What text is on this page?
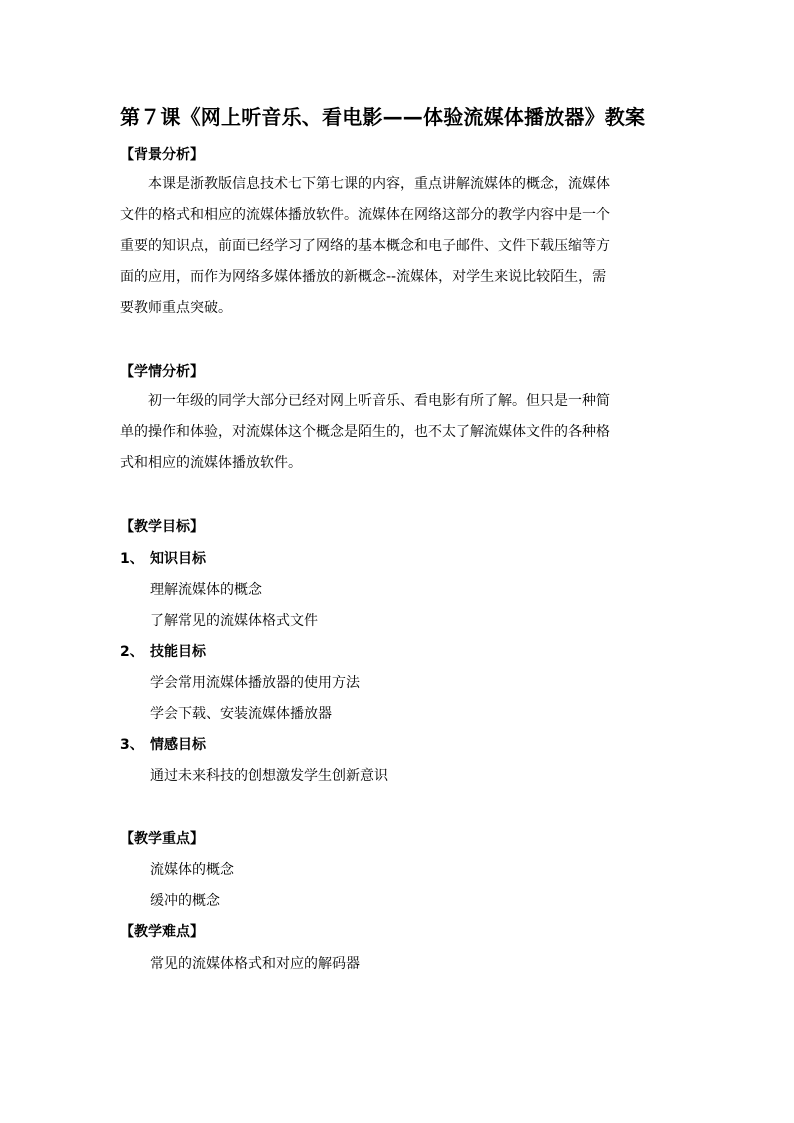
第７课《网上听音乐、看电影——体验流媒体播放器》教案
【背景分析】
本课是浙教版信息技术七下第七课的内容，重点讲解流媒体的概念，流媒体
文件的格式和相应的流媒体播放软件。流媒体在网络这部分的教学内容中是一个
重要的知识点，前面已经学习了网络的基本概念和电子邮件、文件下载压缩等方
面的应用，而作为网络多媒体播放的新概念--流媒体，对学生来说比较陌生，需
要教师重点突破。
【学情分析】
初一年级的同学大部分已经对网上听音乐、看电影有所了解。但只是一种简
单的操作和体验，对流媒体这个概念是陌生的，也不太了解流媒体文件的各种格
式和相应的流媒体播放软件。
【教学目标】
1、 知识目标
理解流媒体的概念
了解常见的流媒体格式文件
2、 技能目标
学会常用流媒体播放器的使用方法
学会下载、安装流媒体播放器
3、 情感目标
通过未来科技的创想激发学生创新意识
【教学重点】
流媒体的概念
缓冲的概念
【教学难点】
常见的流媒体格式和对应的解码器
